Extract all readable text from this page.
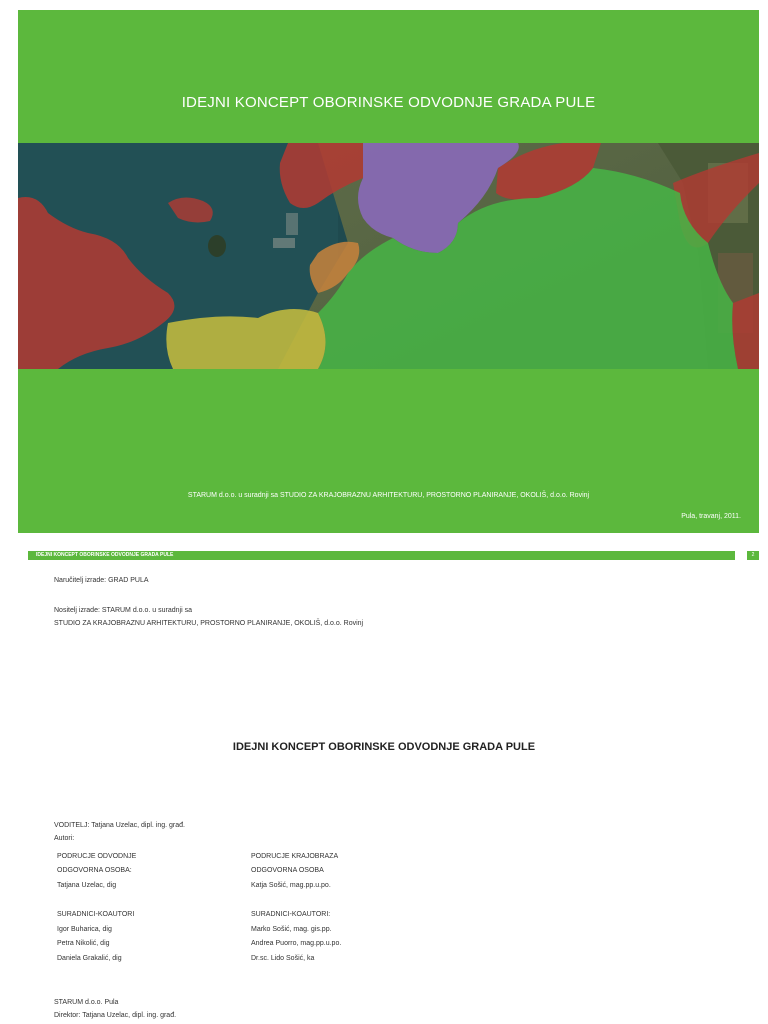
IDEJNI KONCEPT OBORINSKE ODVODNJE GRADA PULE
STARUM d.o.o. u suradnji sa STUDIO ZA KRAJOBRAZNU ARHITEKTURU, PROSTORNO PLANIRANJE, OKOLIŠ, d.o.o. Rovinj
Pula, travanj, 2011.
IDEJNI KONCEPT OBORINSKE ODVODNJE GRADA PULE	2
Naručitelj izrade: GRAD PULA
Nositelj izrade: STARUM d.o.o. u suradnji sa
STUDIO ZA KRAJOBRAZNU ARHITEKTURU, PROSTORNO PLANIRANJE, OKOLIŠ, d.o.o. Rovinj
IDEJNI KONCEPT OBORINSKE ODVODNJE GRADA PULE
VODITELJ: Tatjana Uzelac, dipl. ing. građ.
Autori:
PODRUCJE ODVODNJE
ODGOVORNA OSOBA:
Tatjana Uzelac, dig
SURADNICI-KOAUTORI
Igor Buharica, dig
Petra Nikolić, dig
Daniela Grakalić, dig
PODRUCJE KRAJOBRAZA
ODGOVORNA OSOBA
Katja Sošić, mag.pp.u.po.
SURADNICI-KOAUTORI:
Marko Sošić, mag. gis.pp.
Andrea Puorro, mag.pp.u.po.
Dr.sc. Lido Sošić, ka
STARUM d.o.o. Pula
Direktor: Tatjana Uzelac, dipl. ing. građ.
